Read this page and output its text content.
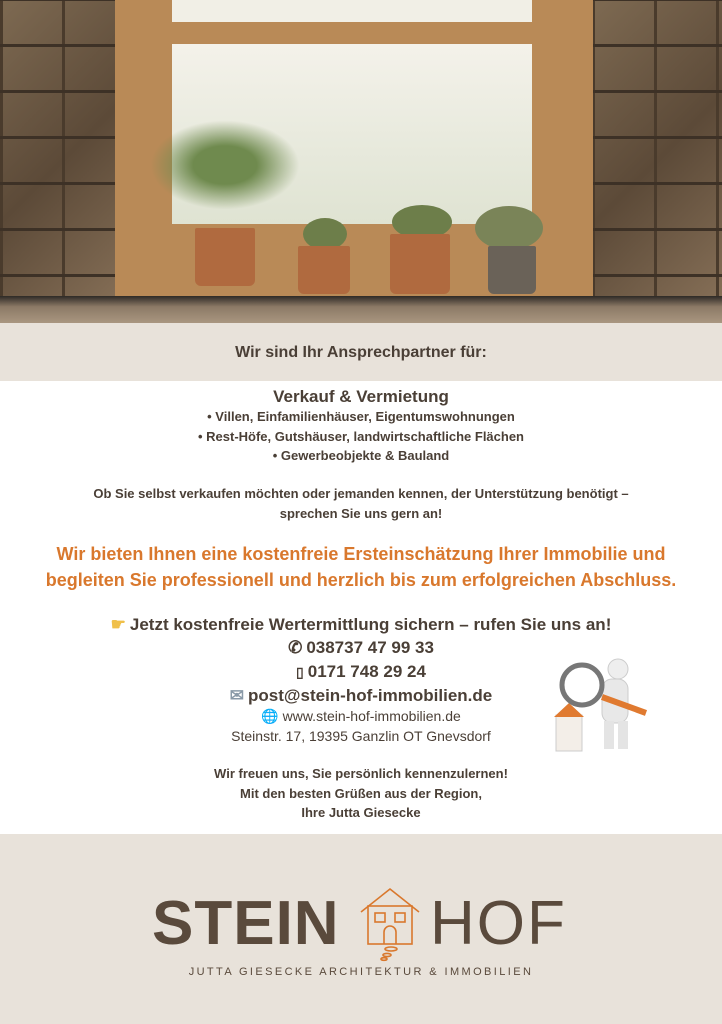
Wir sind Ihr Ansprechpartner für:
Verkauf & Vermietung
• Villen, Einfamilienhäuser, Eigentumswohnungen
• Rest-Höfe, Gutshäuser, landwirtschaftliche Flächen
• Gewerbeobjekte & Bauland
Ob Sie selbst verkaufen möchten oder jemanden kennen, der Unterstützung benötigt –
sprechen Sie uns gern an!
Wir bieten Ihnen eine kostenfreie Ersteinschätzung Ihrer Immobilie und
begleiten Sie professionell und herzlich bis zum erfolgreichen Abschluss.
☛ Jetzt kostenfreie Wertermittlung sichern – rufen Sie uns an!
✆ 038737 47 99 33
▯ 0171 748 29 24
✉ post@stein-hof-immobilien.de
🌐 www.stein-hof-immobilien.de
Steinstr. 17, 19395 Ganzlin OT Gnevsdorf
Wir freuen uns, Sie persönlich kennenzulernen!
Mit den besten Grüßen aus der Region,
Ihre Jutta Giesecke
STEIN HOF
JUTTA GIESECKE ARCHITEKTUR & IMMOBILIEN
